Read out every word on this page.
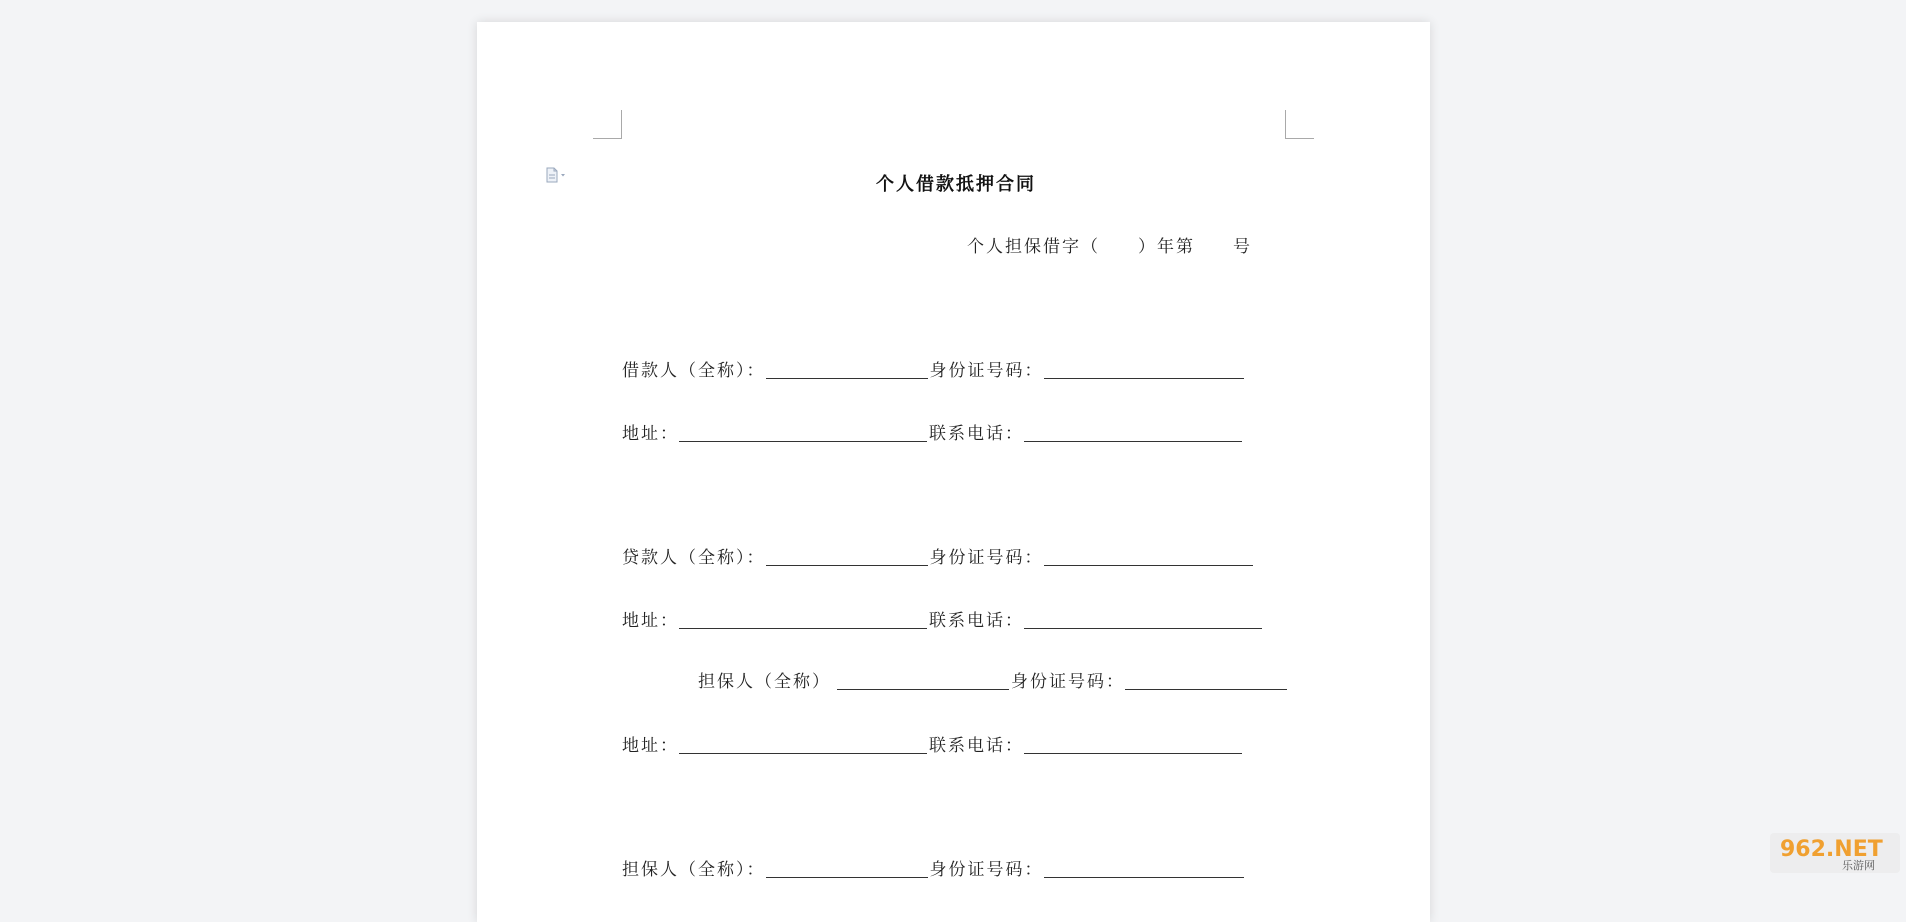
个人借款抵押合同
个人担保借字（　　）年第　　号
借款人（全称）：	身份证号码：
地址：	联系电话：
贷款人（全称）：	身份证号码：
地址：	联系电话：
担保人（全称）	身份证号码：
地址：	联系电话：
担保人（全称）：	身份证号码：
962.NET
乐游网
